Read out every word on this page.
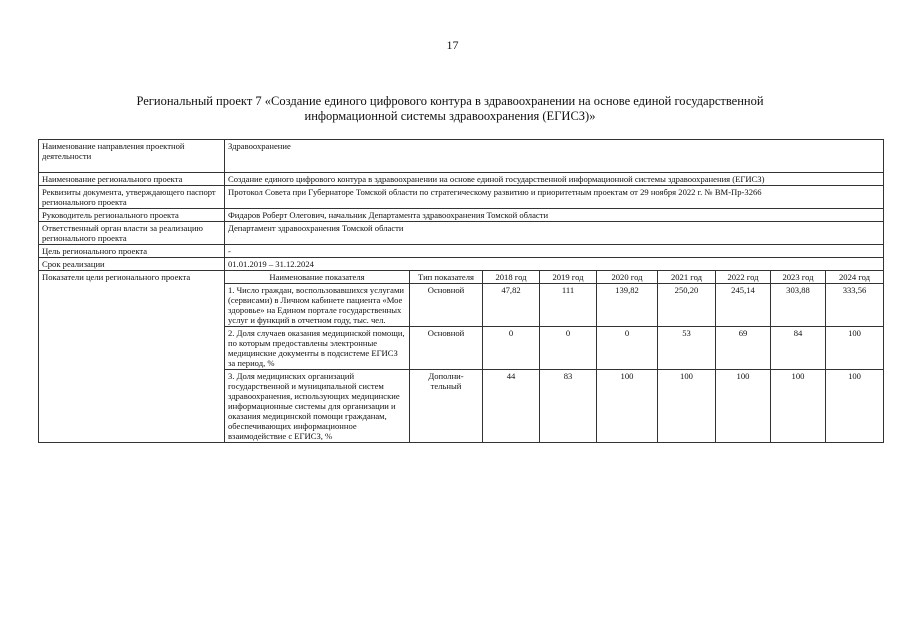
17
Региональный проект 7 «Создание единого цифрового контура в здравоохранении на основе единой государственной
информационной системы здравоохранения (ЕГИСЗ)»
Наименование направления проектной деятельности	Здравоохранение								
Наименование регионального проекта	Создание единого цифрового контура в здравоохранении на основе единой государственной информационной системы здравоохранения (ЕГИСЗ)								
Реквизиты документа, утверждающего паспорт регионального проекта	Протокол Совета при Губернаторе Томской области по стратегическому развитию и приоритетным проектам от 29 ноября 2022 г. № ВМ-Пр-3266								
Руководитель регионального проекта	Фидаров Роберт Олегович, начальник Департамента здравоохранения Томской области								
Ответственный орган власти за реализацию регионального проекта	Департамент здравоохранения Томской области								
Цель регионального проекта	-								
Срок реализации	01.01.2019 – 31.12.2024								
Показатели цели регионального проекта	Наименование показателя	Тип показателя	2018 год	2019 год	2020 год	2021 год	2022 год	2023 год	2024 год
	1. Число граждан, воспользовавшихся услугами (сервисами) в Личном кабинете пациента «Мое здоровье» на Едином портале государственных услуг и функций в отчетном году, тыс. чел.	Основной	47,82	111	139,82	250,20	245,14	303,88	333,56
	2. Доля случаев оказания медицинской помощи, по которым предоставлены электронные медицинские документы в подсистеме ЕГИСЗ за период, %	Основной	0	0	0	53	69	84	100
	3. Доля медицинских организаций государственной и муниципальной систем здравоохранения, использующих медицинские информационные системы для организации и оказания медицинской помощи гражданам, обеспечивающих информационное взаимодействие с ЕГИСЗ, %	Дополни-тельный	44	83	100	100	100	100	100
